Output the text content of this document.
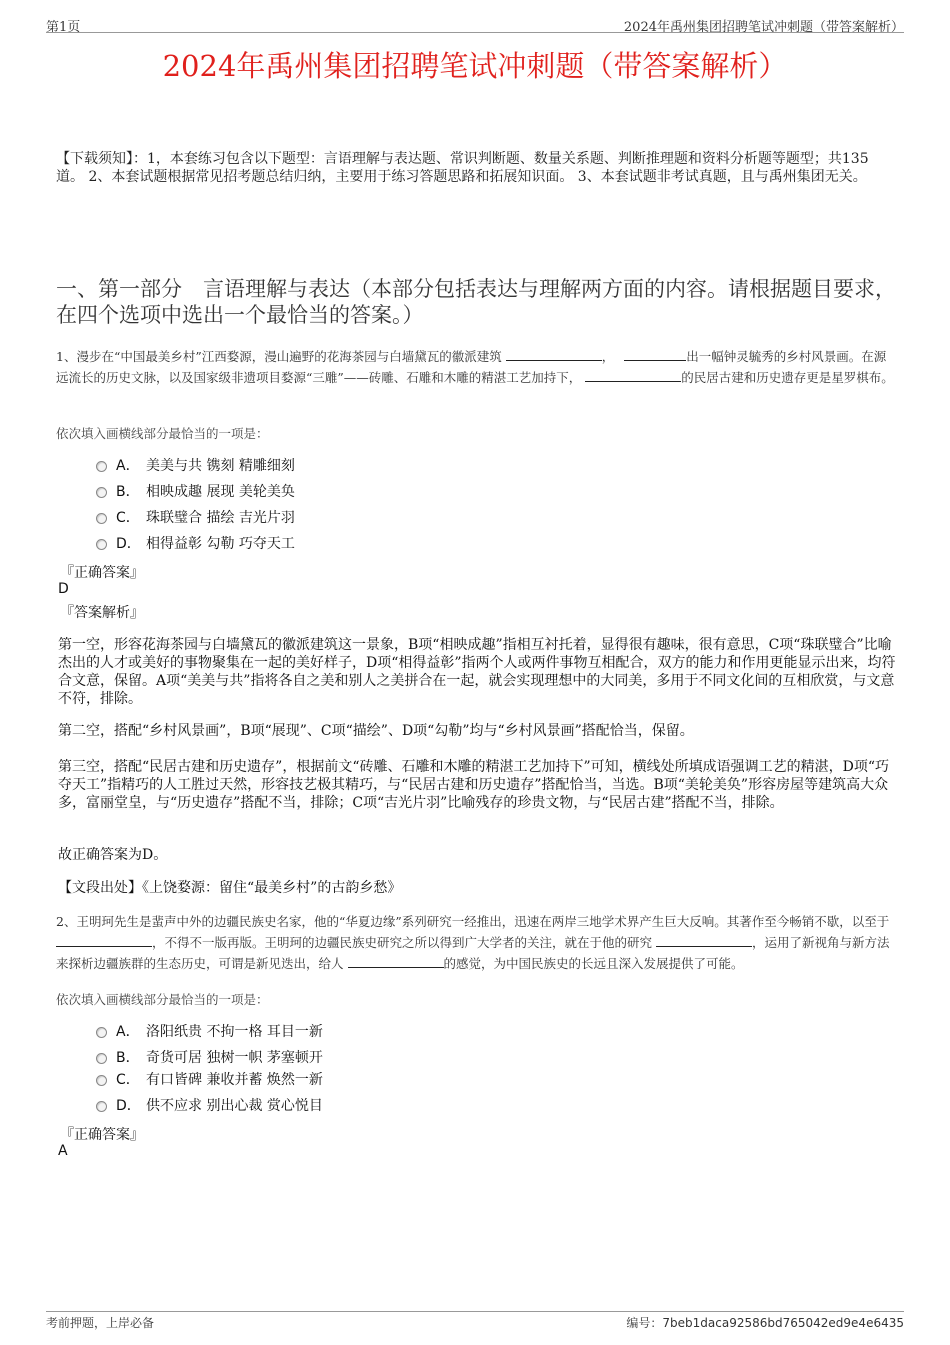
第1页	2024年禹州集团招聘笔试冲刺题（带答案解析）
2024年禹州集团招聘笔试冲刺题（带答案解析）
【下载须知】：1，本套练习包含以下题型：言语理解与表达题、常识判断题、数量关系题、判断推理题和资料分析题等题型；共135道。 2、本套试题根据常见招考题总结归纳，主要用于练习答题思路和拓展知识面。 3、本套试题非考试真题，且与禹州集团无关。
一、第一部分　言语理解与表达（本部分包括表达与理解两方面的内容。请根据题目要求，在四个选项中选出一个最恰当的答案。）
1、漫步在“中国最美乡村”江西婺源，漫山遍野的花海茶园与白墙黛瓦的徽派建筑	，	出一幅钟灵毓秀的乡村风景画。在源远流长的历史文脉，以及国家级非遗项目婺源“三雕”——砖雕、石雕和木雕的精湛工艺加持下，	的民居古建和历史遗存更是星罗棋布。
依次填入画横线部分最恰当的一项是：
A． 美美与共 镌刻 精雕细刻
B． 相映成趣 展现 美轮美奂
C． 珠联璧合 描绘 吉光片羽
D． 相得益彰 勾勒 巧夺天工
『正确答案』
D
『答案解析』
第一空，形容花海茶园与白墙黛瓦的徽派建筑这一景象，B项“相映成趣”指相互衬托着，显得很有趣味，很有意思，C项“珠联璧合”比喻杰出的人才或美好的事物聚集在一起的美好样子，D项“相得益彰”指两个人或两件事物互相配合，双方的能力和作用更能显示出来，均符合文意，保留。A项“美美与共”指将各自之美和别人之美拼合在一起，就会实现理想中的大同美，多用于不同文化间的互相欣赏，与文意不符，排除。
第二空，搭配“乡村风景画”，B项“展现”、C项“描绘”、D项“勾勒”均与“乡村风景画”搭配恰当，保留。
第三空，搭配“民居古建和历史遗存”，根据前文“砖雕、石雕和木雕的精湛工艺加持下”可知，横线处所填成语强调工艺的精湛，D项“巧夺天工”指精巧的人工胜过天然，形容技艺极其精巧，与“民居古建和历史遗存”搭配恰当，当选。B项“美轮美奂”形容房屋等建筑高大众多，富丽堂皇，与“历史遗存”搭配不当，排除；C项“吉光片羽”比喻残存的珍贵文物，与“民居古建”搭配不当，排除。
故正确答案为D。
【文段出处】《上饶婺源：留住“最美乡村”的古韵乡愁》
2、王明珂先生是蜚声中外的边疆民族史名家，他的“华夏边缘”系列研究一经推出，迅速在两岸三地学术界产生巨大反响。其著作至今畅销不歇，以至于 ，不得不一版再版。王明珂的边疆民族史研究之所以得到广大学者的关注，就在于他的研究	，运用了新视角与新方法来探析边疆族群的生态历史，可谓是新见迭出，给人	的感觉，为中国民族史的长远且深入发展提供了可能。
依次填入画横线部分最恰当的一项是：
A． 洛阳纸贵 不拘一格 耳目一新
B． 奇货可居 独树一帜 茅塞顿开
C． 有口皆碑 兼收并蓄 焕然一新
D． 供不应求 别出心裁 赏心悦目
『正确答案』
A
考前押题，上岸必备	编号：7beb1daca92586bd765042ed9e4e6435
